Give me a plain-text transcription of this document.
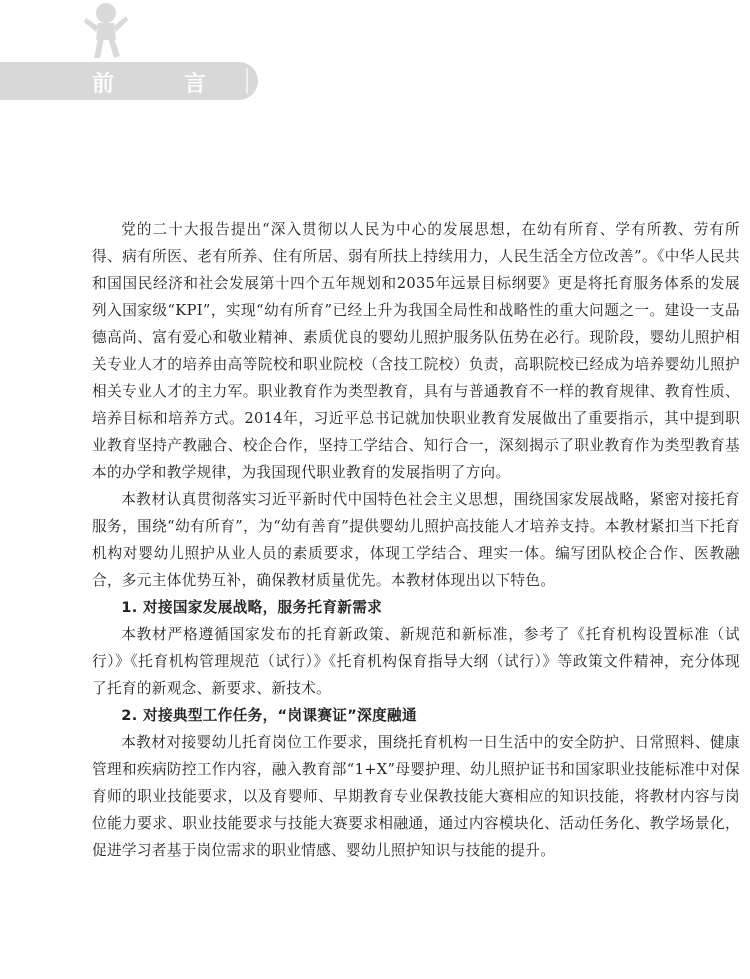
前　言

党的二十大报告提出“深入贯彻以人民为中心的发展思想，在幼有所育、学有所教、劳有所得、病有所医、老有所养、住有所居、弱有所扶上持续用力，人民生活全方位改善”。《中华人民共和国国民经济和社会发展第十四个五年规划和2035年远景目标纲要》更是将托育服务体系的发展列入国家级“KPI”，实现“幼有所育”已经上升为我国全局性和战略性的重大问题之一。建设一支品德高尚、富有爱心和敬业精神、素质优良的婴幼儿照护服务队伍势在必行。现阶段，婴幼儿照护相关专业人才的培养由高等院校和职业院校（含技工院校）负责，高职院校已经成为培养婴幼儿照护相关专业人才的主力军。职业教育作为类型教育，具有与普通教育不一样的教育规律、教育性质、培养目标和培养方式。2014年，习近平总书记就加快职业教育发展做出了重要指示，其中提到职业教育坚持产教融合、校企合作，坚持工学结合、知行合一，深刻揭示了职业教育作为类型教育基本的办学和教学规律，为我国现代职业教育的发展指明了方向。

本教材认真贯彻落实习近平新时代中国特色社会主义思想，围绕国家发展战略，紧密对接托育服务，围绕“幼有所育”，为“幼有善育”提供婴幼儿照护高技能人才培养支持。本教材紧扣当下托育机构对婴幼儿照护从业人员的素质要求，体现工学结合、理实一体。编写团队校企合作、医教融合，多元主体优势互补，确保教材质量优先。本教材体现出以下特色。

1. 对接国家发展战略，服务托育新需求

本教材严格遵循国家发布的托育新政策、新规范和新标准，参考了《托育机构设置标准（试行）》《托育机构管理规范（试行）》《托育机构保育指导大纲（试行）》等政策文件精神，充分体现了托育的新观念、新要求、新技术。

2. 对接典型工作任务，“岗课赛证”深度融通

本教材对接婴幼儿托育岗位工作要求，围绕托育机构一日生活中的安全防护、日常照料、健康管理和疾病防控工作内容，融入教育部“1+X”母婴护理、幼儿照护证书和国家职业技能标准中对保育师的职业技能要求，以及育婴师、早期教育专业保教技能大赛相应的知识技能，将教材内容与岗位能力要求、职业技能要求与技能大赛要求相融通，通过内容模块化、活动任务化、教学场景化，促进学习者基于岗位需求的职业情感、婴幼儿照护知识与技能的提升。
